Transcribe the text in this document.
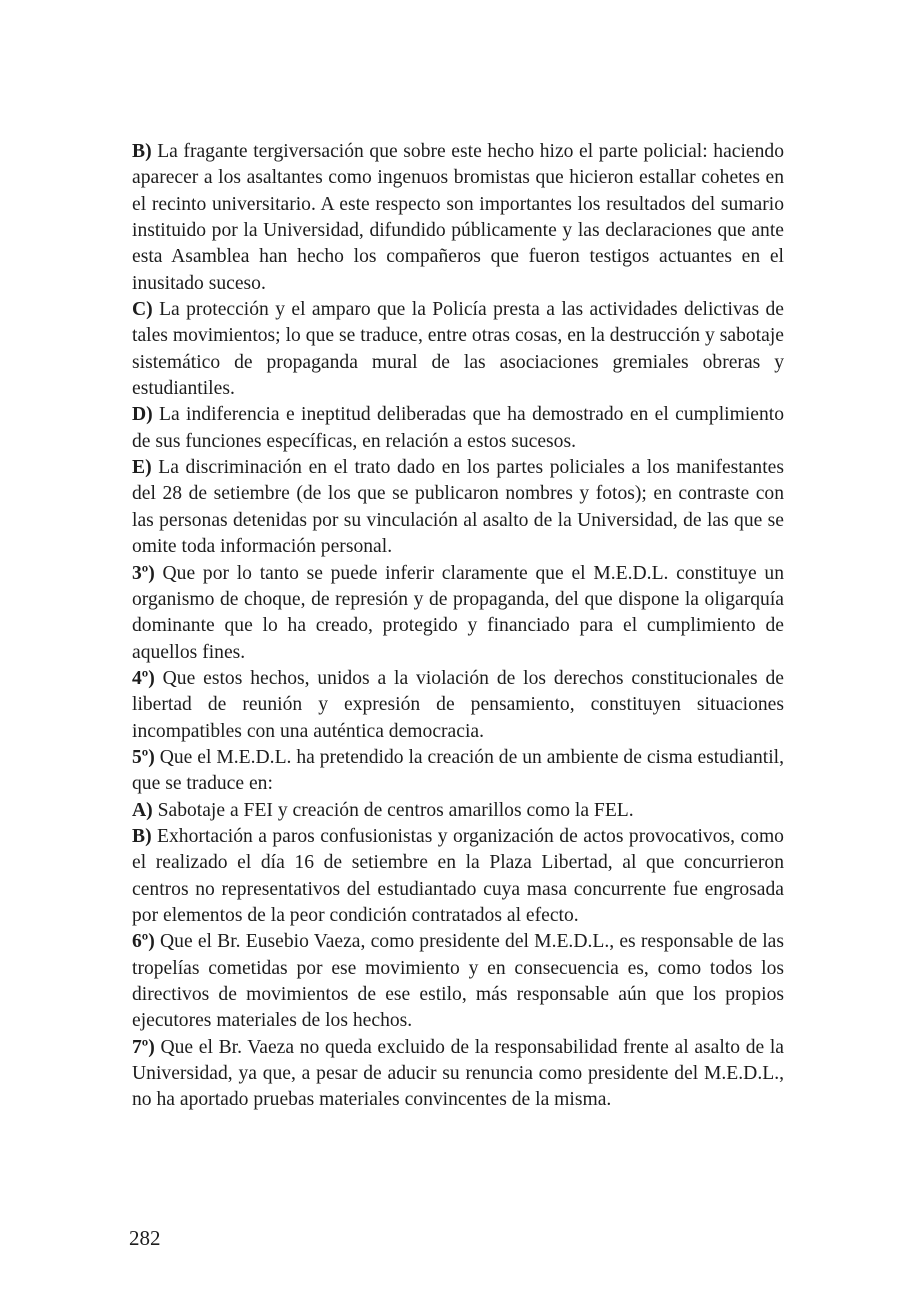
B) La fragante tergiversación que sobre este hecho hizo el parte policial: haciendo aparecer a los asaltantes como ingenuos bromistas que hicieron estallar cohetes en el recinto universitario. A este respecto son importantes los resultados del sumario instituido por la Universidad, difundido públicamente y las declaraciones que ante esta Asamblea han hecho los compañeros que fueron testigos actuantes en el inusitado suceso.

C) La protección y el amparo que la Policía presta a las actividades delictivas de tales movimientos; lo que se traduce, entre otras cosas, en la destrucción y sabotaje sistemático de propaganda mural de las asociaciones gremiales obreras y estudiantiles.

D) La indiferencia e ineptitud deliberadas que ha demostrado en el cumplimiento de sus funciones específicas, en relación a estos sucesos.

E) La discriminación en el trato dado en los partes policiales a los manifestantes del 28 de setiembre (de los que se publicaron nombres y fotos); en contraste con las personas detenidas por su vinculación al asalto de la Universidad, de las que se omite toda información personal.

3º) Que por lo tanto se puede inferir claramente que el M.E.D.L. constituye un organismo de choque, de represión y de propaganda, del que dispone la oligarquía dominante que lo ha creado, protegido y financiado para el cumplimiento de aquellos fines.

4º) Que estos hechos, unidos a la violación de los derechos constitucionales de libertad de reunión y expresión de pensamiento, constituyen situaciones incompatibles con una auténtica democracia.

5º) Que el M.E.D.L. ha pretendido la creación de un ambiente de cisma estudiantil, que se traduce en:

A) Sabotaje a FEI y creación de centros amarillos como la FEL.

B) Exhortación a paros confusionistas y organización de actos provocativos, como el realizado el día 16 de setiembre en la Plaza Libertad, al que concurrieron centros no representativos del estudiantado cuya masa concurrente fue engrosada por elementos de la peor condición contratados al efecto.

6º) Que el Br. Eusebio Vaeza, como presidente del M.E.D.L., es responsable de las tropelías cometidas por ese movimiento y en consecuencia es, como todos los directivos de movimientos de ese estilo, más responsable aún que los propios ejecutores materiales de los hechos.

7º) Que el Br. Vaeza no queda excluido de la responsabilidad frente al asalto de la Universidad, ya que, a pesar de aducir su renuncia como presidente del M.E.D.L., no ha aportado pruebas materiales convincentes de la misma.

282
